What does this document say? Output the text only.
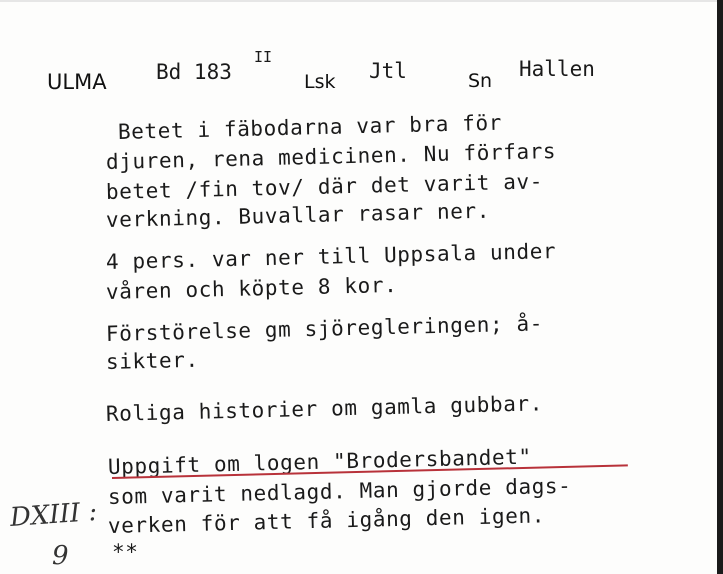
ULMA Bd 183
II
Lsk Jtl	Sn Hallen
Betet i fäbodarna var bra för
djuren, rena medicinen. Nu förfars
betet /fin tov/ där det varit av-
verkning. Buvallar rasar ner.
4 pers. var ner till Uppsala under
våren och köpte 8 kor.
Förstörelse gm sjöregleringen; å-
sikter.
Roliga historier om gamla gubbar.
Uppgift om logen "Brodersbandet"
som varit nedlagd. Man gjorde dags-
verken för att få igång den igen.
**
DXIII :
9
